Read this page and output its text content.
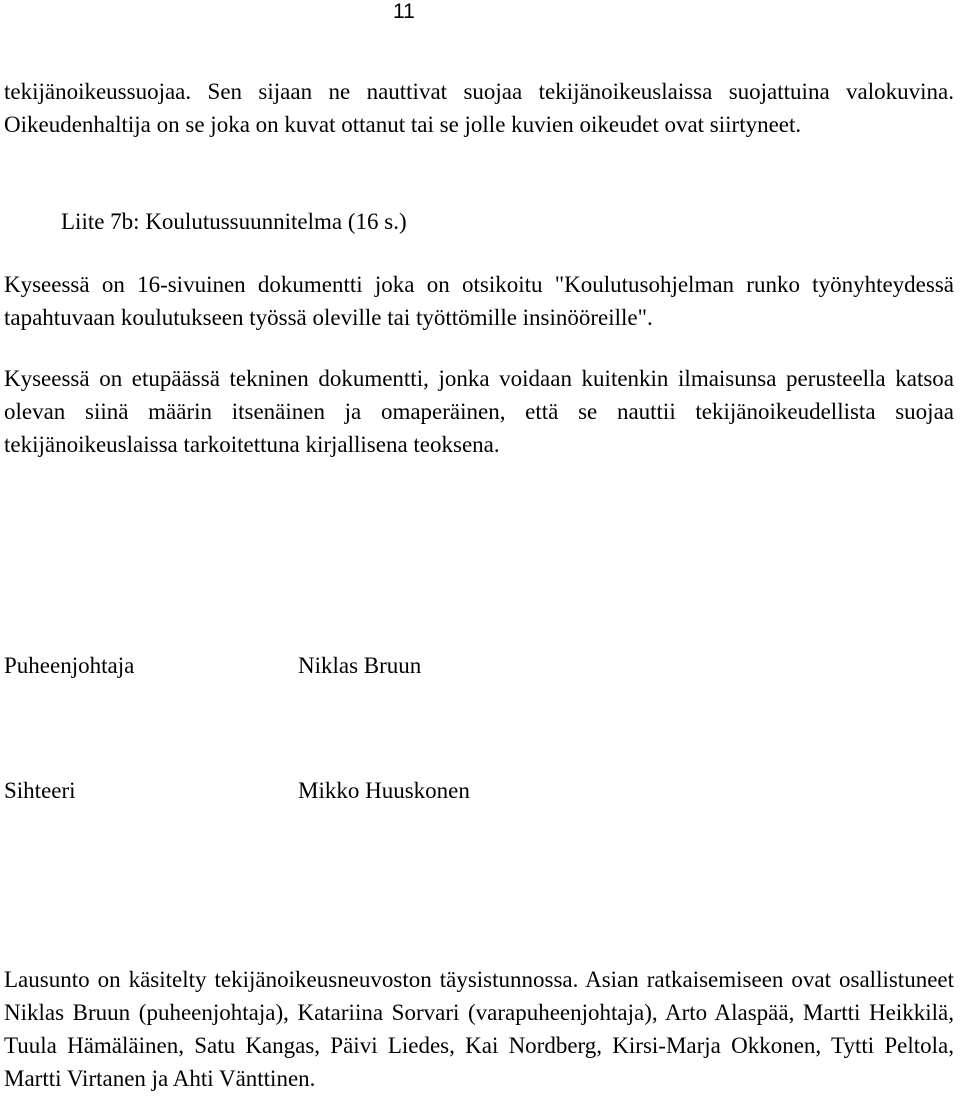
11
tekijänoikeussuojaa. Sen sijaan ne nauttivat suojaa tekijänoikeuslaissa suojattuina valokuvina. Oikeudenhaltija on se joka on kuvat ottanut tai se jolle kuvien oikeudet ovat siirtyneet.
Liite 7b: Koulutussuunnitelma (16 s.)
Kyseessä on 16-sivuinen dokumentti joka on otsikoitu "Koulutusohjelman runko työnyhteydessä tapahtuvaan koulutukseen työssä oleville tai työttömille insinööreille".
Kyseessä on etupäässä tekninen dokumentti, jonka voidaan kuitenkin ilmaisunsa perusteella katsoa olevan siinä määrin itsenäinen ja omaperäinen, että se nauttii tekijänoikeudellista suojaa tekijänoikeuslaissa tarkoitettuna kirjallisena teoksena.
Puheenjohtaja	Niklas Bruun
Sihteeri	Mikko Huuskonen
Lausunto on käsitelty tekijänoikeusneuvoston täysistunnossa. Asian ratkaisemiseen ovat osallistuneet Niklas Bruun (puheenjohtaja), Katariina Sorvari (varapuheenjohtaja), Arto Alaspää, Martti Heikkilä, Tuula Hämäläinen, Satu Kangas, Päivi Liedes, Kai Nordberg, Kirsi-Marja Okkonen, Tytti Peltola, Martti Virtanen ja Ahti Vänttinen.
